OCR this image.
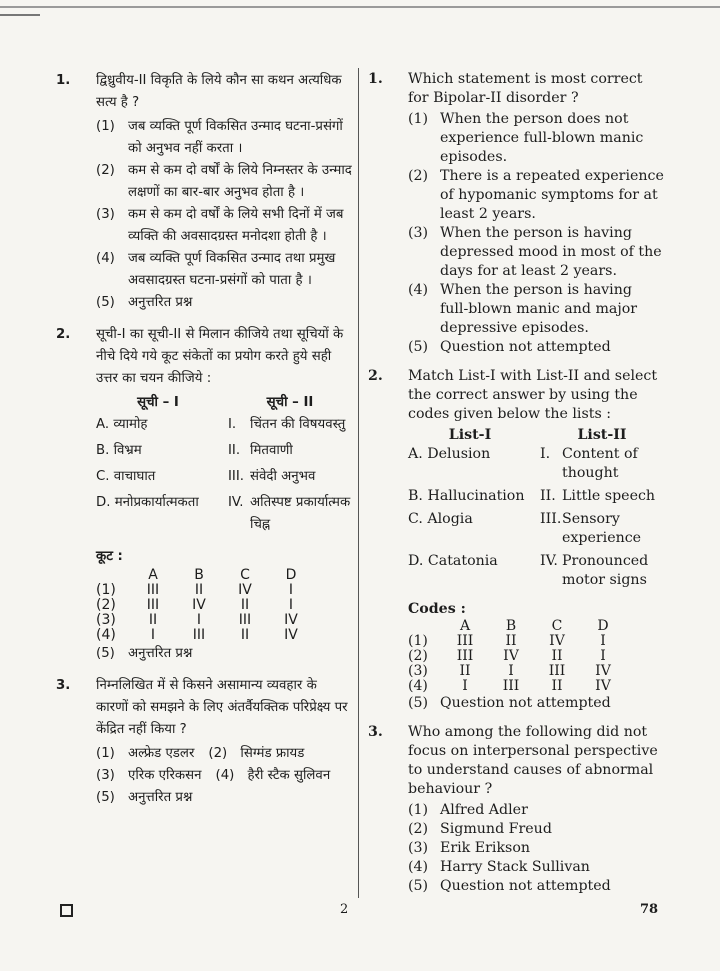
1. द्विध्रुवीय-II विकृति के लिये कौन सा कथन अत्यधिक सत्य है ?
(1) जब व्यक्ति पूर्ण विकसित उन्माद घटना-प्रसंगों को अनुभव नहीं करता ।
(2) कम से कम दो वर्षों के लिये निम्नस्तर के उन्माद लक्षणों का बार-बार अनुभव होता है ।
(3) कम से कम दो वर्षों के लिये सभी दिनों में जब व्यक्ति की अवसादग्रस्त मनोदशा होती है ।
(4) जब व्यक्ति पूर्ण विकसित उन्माद तथा प्रमुख अवसादग्रस्त घटना-प्रसंगों को पाता है ।
(5) अनुत्तरित प्रश्न
2. सूची-I का सूची-II से मिलान कीजिये तथा सूचियों के नीचे दिये गये कूट संकेतों का प्रयोग करते हुये सही उत्तर का चयन कीजिये :
सूची – I	सूची – II
A. व्यामोह	I. चिंतन की विषयवस्तु
B. विभ्रम	II. मितवाणी
C. वाचाघात	III. संवेदी अनुभव
D. मनोप्रकार्यात्मकता	IV. अतिस्पष्ट प्रकार्यात्मक चिह्न
कूट :
	A	B	C	D
(1)	III	II	IV	I
(2)	III	IV	II	I
(3)	II	I	III	IV
(4)	I	III	II	IV
(5) अनुत्तरित प्रश्न
3. निम्नलिखित में से किसने असामान्य व्यवहार के कारणों को समझने के लिए अंतर्वैयक्तिक परिप्रेक्ष्य पर केंद्रित नहीं किया ?
(1) अल्फ्रेड एडलर (2) सिग्मंड फ्रायड
(3) एरिक एरिकसन (4) हैरी स्टैक सुलिवन
(5) अनुत्तरित प्रश्न
1. Which statement is most correct for Bipolar-II disorder ?
(1) When the person does not experience full-blown manic episodes.
(2) There is a repeated experience of hypomanic symptoms for at least 2 years.
(3) When the person is having depressed mood in most of the days for at least 2 years.
(4) When the person is having full-blown manic and major depressive episodes.
(5) Question not attempted
2. Match List-I with List-II and select the correct answer by using the codes given below the lists :
List-I	List-II
A. Delusion	I. Content of thought
B. Hallucination	II. Little speech
C. Alogia	III. Sensory experience
D. Catatonia	IV. Pronounced motor signs
Codes :
	A	B	C	D
(1)	III	II	IV	I
(2)	III	IV	II	I
(3)	II	I	III	IV
(4)	I	III	II	IV
(5) Question not attempted
3. Who among the following did not focus on interpersonal perspective to understand causes of abnormal behaviour ?
(1) Alfred Adler
(2) Sigmund Freud
(3) Erik Erikson
(4) Harry Stack Sullivan
(5) Question not attempted
2	78
